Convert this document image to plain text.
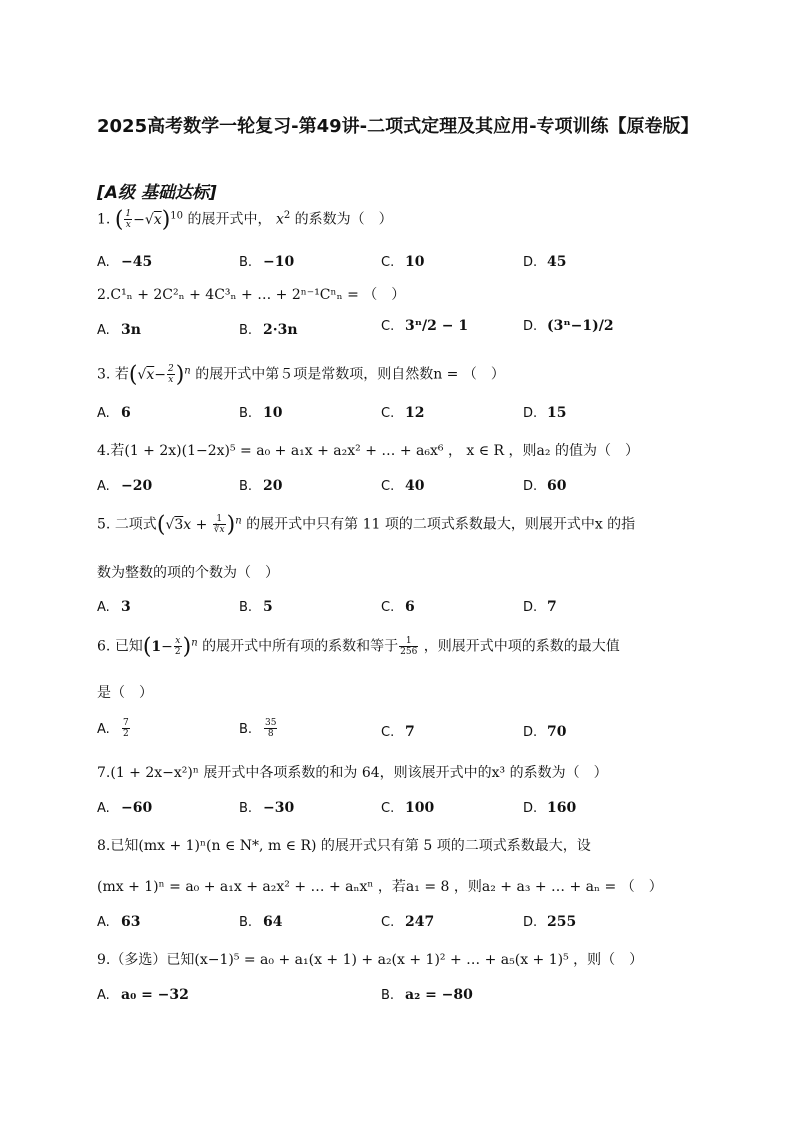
2025高考数学一轮复习-第49讲-二项式定理及其应用-专项训练【原卷版】
[A级 基础达标]
1. ( $\frac{1}{x} -√x)^{10}$ 的展开式中， $x^2$ 的系数为（　）
A. −45	B. −10	C. 10	D. 45
2.C¹ₙ + 2C²ₙ + 4C³ₙ + … + 2ⁿ⁻¹Cⁿₙ = （　）
A. 3n	B. 2·3n	C. 3ⁿ/2 − 1	D. (3ⁿ−1)/2
3. 若$(√x- \frac{2}{x} )^n$ 的展开式中第５项是常数项，则自然数n = （　）
A. 6	B. 10	C. 12	D. 15
4.若(1 + 2x)(1−2x)⁵ = a₀ + a₁x + a₂x² + … + a₆x⁶ ， x ∈ R ，则a₂ 的值为（　）
A. −20	B. 20	C. 40	D. 60
5. 二项式$(√3x + \frac{1}{∛x} )^n$ 的展开式中只有第 11 项的二项式系数最大，则展开式中x 的指
数为整数的项的个数为（　）
A. 3	B. 5	C. 6	D. 7
6. 已知$(1- \frac{x}{2} )^n$ 的展开式中所有项的系数和等于 $\frac{1}{256}$ ，则展开式中项的系数的最大值
是（　）
A. $\frac{7}{2}$	B. $\frac{35}{8}$	C. 7	D. 70
7.(1 + 2x−x²)ⁿ 展开式中各项系数的和为 64，则该展开式中的x³ 的系数为（　）
A. −60	B. −30	C. 100	D. 160
8.已知(mx + 1)ⁿ(n ∈ N*, m ∈ R) 的展开式只有第 5 项的二项式系数最大，设
(mx + 1)ⁿ = a₀ + a₁x + a₂x² + … + aₙxⁿ ，若a₁ = 8 ，则a₂ + a₃ + … + aₙ = （　）
A. 63	B. 64	C. 247	D. 255
9.（多选）已知(x−1)⁵ = a₀ + a₁(x + 1) + a₂(x + 1)² + … + a₅(x + 1)⁵ ，则（　）
A. a₀ = −32	B. a₂ = −80
